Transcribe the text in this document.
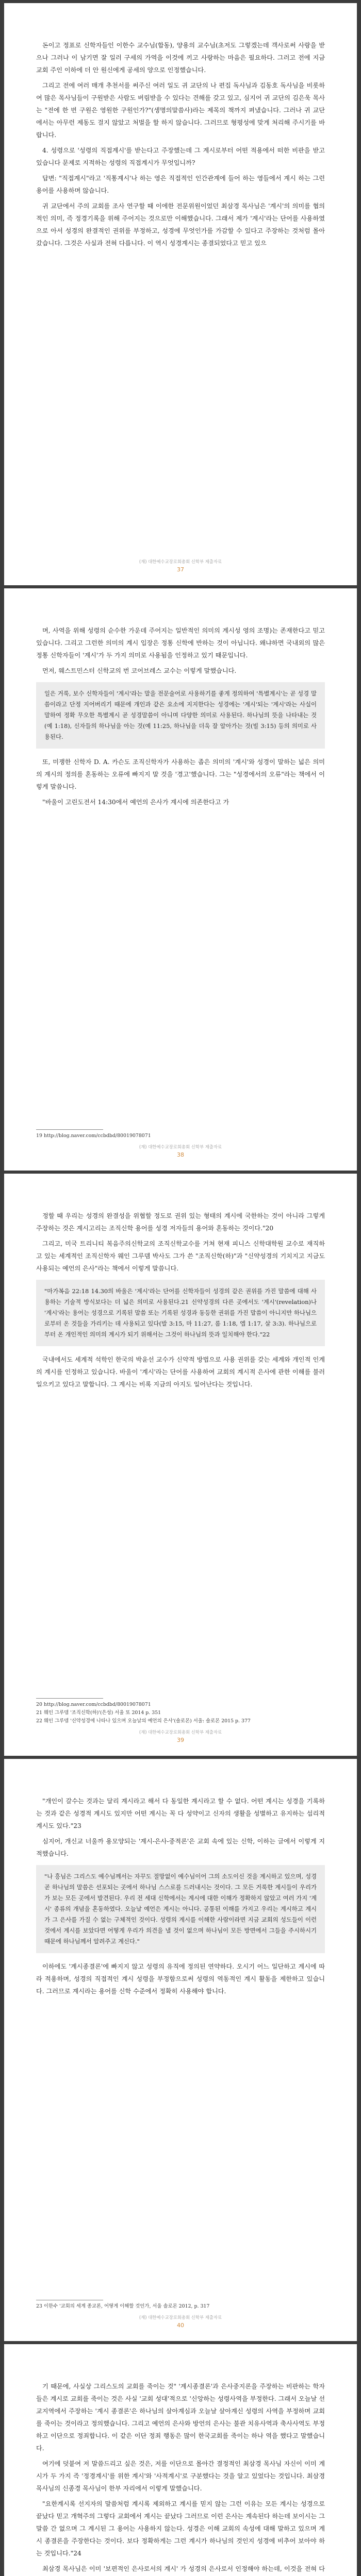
돈이고 정표로 신학자들인 이한수 교수님(합동), 양용의 교수님(초저도 그렇겠는데 객사로써 사랑을 받으나 그러나 이 남기면 잘 일러 구세의 가역을 이것에 끼고 사랑하는 마음은 필요하다. 그러고 전에 지금 교회 주인 이하에 더 안 원신에게 공세의 양으로 인정했습니다.

그리고 전에 여러 매개 추천서를 써주신 여러 일도 귀 교단의 나 편집 독사님과 김동호 독사님을 비롯하여 많은 목사님들이 구원받은 사람도 버림받을 수 있다는 견해를 갖고 있고, 심지어 귀 교단의 김은욱 목사는 "전에 한 번 구원은 영원한 구원인가?"(생명의말씀사)라는 제목의 책까지 펴냈습니다. 그러나 귀 교단에서는 아무런 제동도 걸지 않았고 처벌을 할 하지 않습니다. 그러므로 형평성에 맞게 처리해 주시기를 바랍니다.

4. 성령으로 '성령의 직접계시'를 받는다고 주장했는데 그 계시로부터 어떤 적용에서 떠한 비판을 받고 있습니다 문제로 지적하는 성령의 직접계시가 무엇입니까?

답변: "직접계시"라고 '직통계시'나 하는 영은 직접적인 인간관계에 들어 하는 영들에서 계시 하는 그런 용어를 사용하며 않습니다.

귀 교단에서 주의 교회를 조사 연구할 때 이에한 전문위원이었던 최삼경 목사님은 '계시'의 의미를 협의적인 의미, 즉 정경기록을 위해 주어지는 것으로만 이해했습니다. 그래서 제가 '계시'라는 단어를 사용하였으로 아서 성경의 완결적인 권위를 부정하고, 성경에 무엇인가를 가감할 수 있다고 주장하는 것처럼 몰아갔습니다. 그것은 사실과 전혀 다릅니다. 이 역시 성경계시는 종결되었다고 믿고 있으

(재) 대한예수교장로회총회 신학부 제출자료
37

며, 사역을 위해 성령의 순수한 가운데 주어지는 일반적인 의미의 계시성 영의 조명)는 존재한다고 믿고 있습니다. 그리고 그런한 의미의 계시 입장은 정통 신학에 반하는 것이 아닙니다. 왜냐하면 국내외의 많은 정통 신학자들이 '계시'가 두 가지 의미로 사용됨을 인정하고 있기 때문입니다.

먼저, 웨스트민스터 신학교의 번 코어브레스 교수는 이렇게 말했습니다.

일은 거룩, 보수 신학자들이 '계시'라는 말을 전문술어로 사용하기를 좋게 정의하여 '특별계시'는 곧 성경 말씀이라고 단정 지어버리기 때문에 개인과 같은 요소에 지지한다는 성경에는 '계시'되는 '계시'라는 사실이 말하여 정확 무오한 특별계시 곧 성경말씀이 아니며 다양한 의미로 사용된다. 하나님의 뜻을 나타내는 것(예 1:18), 신자들의 하나님을 아는 것(예 11:25, 하나님을 더욱 잘 알아가는 것(빌 3:15) 등의 의미로 사용된다.

또, 미쟁한 신학자 D. A. 카슨도 조직신학자가 사용하는 좁은 의미의 '계시'와 성경이 말하는 넓은 의미의 계시의 정의를 혼동하는 오류에 빠지지 말 것을 '경고'했습니다. 그는 "성경에서의 오류"라는 책에서 이렇게 말씀니다.

"바울이 고린도전서 14:30에서 예언의 은사가 계시에 의존한다고 가

19 http://blog.naver.com/ccbdbd/80019078071
(재) 대한예수교장로회총회 신학부 제출자료
38

정할 때 우리는 성경의 완결성을 위협할 정도로 권위 있는 형태의 계시에 국한하는 것이 아니라 그렇게 주장하는 것은 계시고리는 조직신학 용어를 성경 저자들의 용어와 혼동하는 것이다."20

그리고, 미국 트리니티 복음주의신학교의 조직신학교수를 거쳐 현재 피니스 신학대학원 교수로 재직하고 있는 세계적인 조직신학자 웨인 그루뎀 박사도 그가 쓴 "조직신학(하)"과 "신약성경의 기치지고 지금도 사용되는 예언의 은사"라는 책에서 이렇게 말씀니다.

"마가복음 22:18 14.30의 바울은 '계시'라는 단어를 신학자들이 성경의 같은 권위를 가진 말씀에 대해 사용하는 기술적 방식보다는 더 넓은 의미로 사용된다.21 신약성경의 다른 곳에서도 '계시'(revelation)나 '계시'라는 용어는 성경으로 기록된 말씀 또는 기록된 성경과 동등한 권위를 가진 말씀이 아니지만 하나님으로부터 온 것들을 가리키는 데 사용되고 있다(발 3:15, 마 11:27, 롬 1:18, 엡 1:17, 살 3:3). 하나님으로부터 온 개인적인 의미의 계시가 되기 위해서는 그것이 하나님의 뜻과 일치해야 한다."22

국내에서도 세계적 석학인 한국의 박윤선 교수가 신약적 방법으로 사용 권위를 갖는 세계와 개인적 인계의 계시를 인정하고 있습니다. 바울이 '계시'라는 단어를 사용하여 교회의 계시적 은사에 관한 이해를 불러일으키고 있다고 말합니다. 그 계시는 비록 지금의 아지도 일어난다는 것입니다.

20 http://blog.naver.com/ccbdbd/80019078071
21 웨인 그루뎀 '조직신학(하)'(은성) 서울 또 2014 p. 351
22 웨인 그루뎀 '신약성경에 나타나 있으며 오늘날의 예언의 은사'(솔로몬) 서울: 솔로몬 2015 p. 377
(재) 대한예수교장로회총회 신학부 제출자료
39

"개인이 갈수는 것과는 달리 계시라고 해서 다 동일한 계시라고 할 수 없다. 어떤 계시는 성경을 기록하는 것과 같은 성경적 계시도 있지만 어떤 계시는 꼭 다 성약이고 신자의 생활을 성별하고 유지하는 섭리적 계시도 있다."23

심지어, 개신교 너울까 용모양되는 '계시-은사-중적론'은 교회 속에 있는 신학, 이하는 글에서 이렇게 지적했습니다.

"나 흥님은 그리스도 예수님께서는 자꾸도 절망없이 예수님이어 그의 소도이신 것을 계시하고 있으며, 성경 곧 하나님의 말씀은 선포되는 곳에서 하나님 스스로를 드러내시는 것이다. 그 모든 거룩한 계시들이 우리가 가 보는 모든 곳에서 발견된다. 우리 전 세대 신학에서는 계시에 대한 이해가 정확하지 않았고 여러 가지 '계시' 종류의 개념을 혼동하였다. 오늘날 예언은 계시는 아니다. 공통된 이해를 가지고 우리는 계시하고 계시 가 그 은사를 가질 수 없는 구체적인 것이다. 성령의 계시를 이해한 사람이라면 지금 교회의 성도들이 이런 것에서 계시를 보았다면 어떻게 우리가 의견을 낼 것이 없으며 하나님이 모든 방면에서 그들을 주시하시기 때문에 하나님께서 알려주고 계신다."

이하에도 '계시종결론'에 빠지지 않고 성령의 유직에 정의된 연약하다. 오시기 어느 일단하고 계시에 따라 적용하며, 성경의 직접적인 계시 성령을 부정함으로써 성령의 역동적인 계시 활동을 제한하고 있습니다. 그러므로 계시라는 용어를 신학 수준에서 정확히 사용해야 합니다.

23 이한수 '교회의 세계 종교론, 어떻게 이해할 것인가, 서울 솔로몬 2012, p. 317
(재) 대한예수교장로회총회 신학부 제출자료
40

기 때문에, 사실상 그리스도의 교회를 죽이는 것" '계시종결론'과 은사중지론을 주장하는 비판하는 학자들은 계시로 교회를 죽이는 것은 사실 '교회 성대'적으로 '신앙하는 성령사역을 부정한다. 그래서 오늘날 선교지역에서 주장하는 '계시 종결론'은 하나님의 살아계심과 오늘날 살아계신 성령의 사역을 부정하며 교회를 죽이는 것이라고 정의했습니다. 그리고 예언의 은사와 방언의 은사는 불관 치유사역과 축사사역도 부정하고 이단으로 정죄합니다. 이 같은 이단 정죄 행동은 많이 한국교회를 죽이는 하나 역을 했다고 말했습니다.

여기에 덧붙여 저 말씀드리고 싶은 것은, 저를 이단으로 몰아간 결정적인 최삼경 목사님 자신이 이미 계시가 두 가지 즉 '정경계시'를 위한 계시'와 '사적계시'로 구분했다는 것을 알고 있었다는 것입니다. 최삼경 목사님의 신종경 목사님이 한부 자리에서 이렇게 말했습니다.

"요한계시록 선지자의 말씀처럼 계시록 제외하고 계시를 믿지 않는 그런 이유는 모든 계시는 성경으로 끝났다 믿고 개혁주의 그렇다 교회에서 계시는 끝났다 그러므로 이런 은사는 계속된다 하는데 보이시는 그 말씀 간 없으며 그 계시된 그 용어는 사용하지 않는다. 성경은 이해 교회의 속성에 대해 말하고 있으며 계시 종결론을 주장한다는 것이다. 보다 정확하게는 그런 계시가 하나님의 것인지 성경에 비추어 보아야 하는 것입니다."24

최삼경 목사님은 이미 '보편적인 은사로서의 계시' 가 성경의 은사로서 인정해야 하는데, 이것을 전혀 다
